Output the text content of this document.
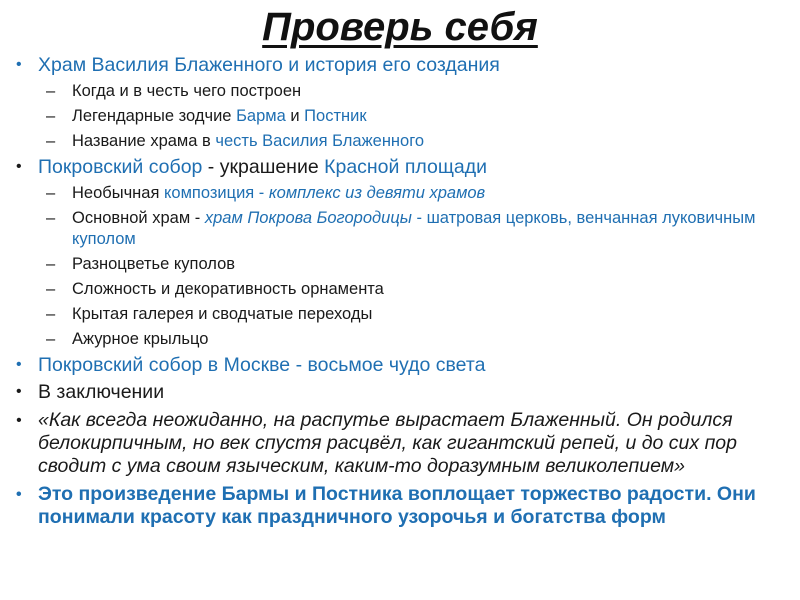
Проверь себя
• Храм Василия Блаженного и история его создания
– Когда и в честь чего построен
– Легендарные зодчие Барма и Постник
– Название храма в честь Василия Блаженного
• Покровский собор - украшение Красной площади
– Необычная композиция - комплекс из девяти храмов
– Основной храм - храм Покрова Богородицы - шатровая церковь, венчанная луковичным куполом
– Разноцветье куполов
– Сложность и декоративность орнамента
– Крытая галерея и сводчатые переходы
– Ажурное крыльцо
• Покровский собор в Москве - восьмое чудо света
• В заключении
• «Как всегда неожиданно, на распутье вырастает Блаженный. Он родился белокирпичным, но век спустя расцвёл, как гигантский репей, и до сих пор сводит с ума своим языческим, каким-то доразумным великолепием»
• Это произведение Бармы и Постника воплощает торжество радости. Они понимали красоту как праздничного узорочья и богатства форм
